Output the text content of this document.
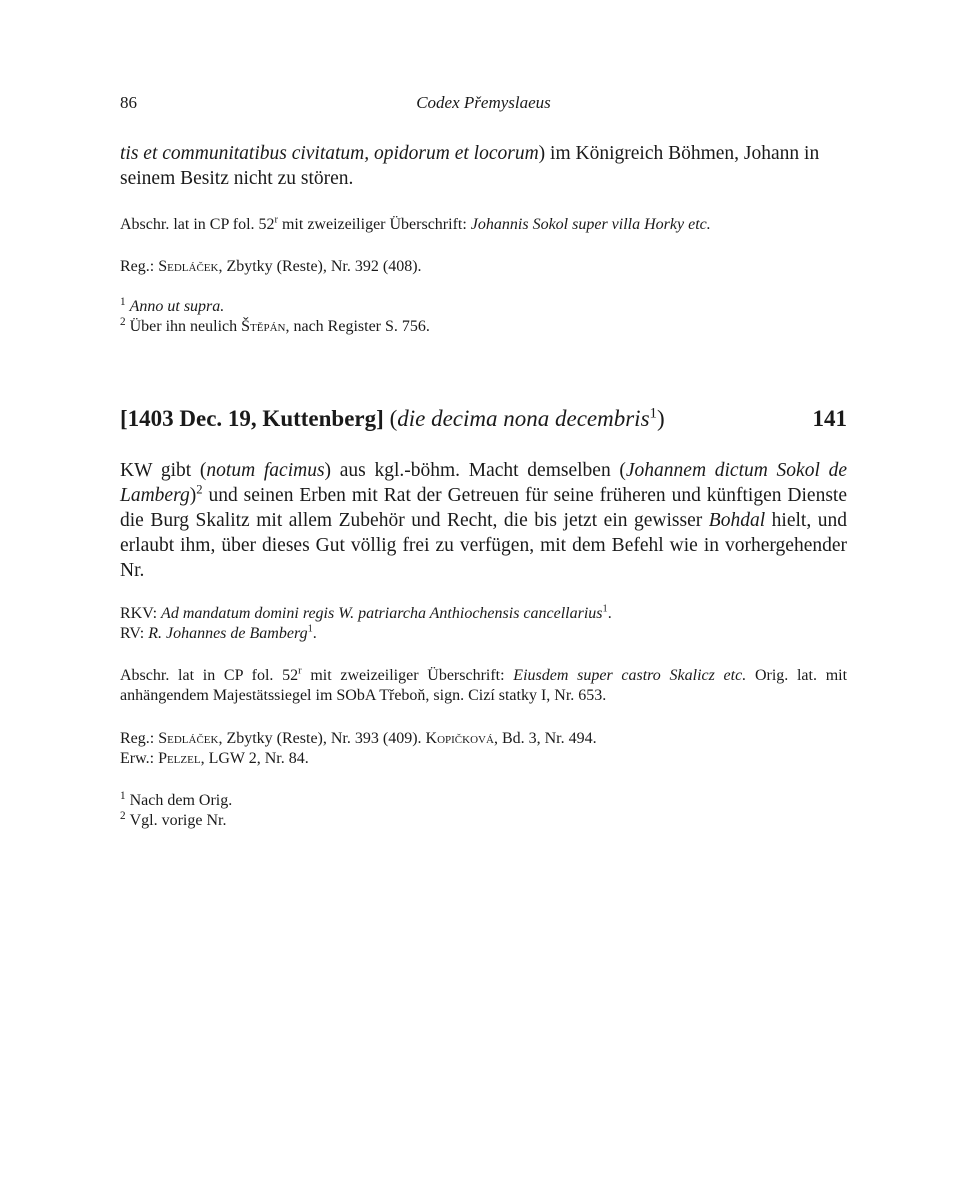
86	Codex Přemyslaeus

tis et communitatibus civitatum, opidorum et locorum) im Königreich Böhmen, Johann in
seinem Besitz nicht zu stören.

Abschr. lat in CP fol. 52$^r$ mit zweizeiliger Überschrift: Johannis Sokol super villa Horky etc.

Reg.: Sedláček, Zbytky (Reste), Nr. 392 (408).

$^1$ Anno ut supra.
$^2$ Über ihn neulich Štěpán, nach Register S. 756.
[1403 Dec. 19, Kuttenberg] (die decima nona decembris$^1$)	141

KW gibt (notum facimus) aus kgl.-böhm. Macht demselben (Johannem dictum Sokol de Lamberg)$^2$ und seinen Erben mit Rat der Getreuen für seine früheren und künftigen Dienste die Burg Skalitz mit allem Zubehör und Recht, die bis jetzt ein gewisser Bohdal hielt, und erlaubt ihm, über dieses Gut völlig frei zu verfügen, mit dem Befehl wie in vorhergehender Nr.

RKV: Ad mandatum domini regis W. patriarcha Anthiochensis cancellarius$^1$.
RV: R. Johannes de Bamberg$^1$.

Abschr. lat in CP fol. 52$^r$ mit zweizeiliger Überschrift: Eiusdem super castro Skalicz etc. Orig. lat. mit anhängendem Majestätssiegel im SObA Třeboň, sign. Cizí statky I, Nr. 653.

Reg.: Sedláček, Zbytky (Reste), Nr. 393 (409). Kopičková, Bd. 3, Nr. 494.
Erw.: Pelzel, LGW 2, Nr. 84.
$^1$ Nach dem Orig.
$^2$ Vgl. vorige Nr.
